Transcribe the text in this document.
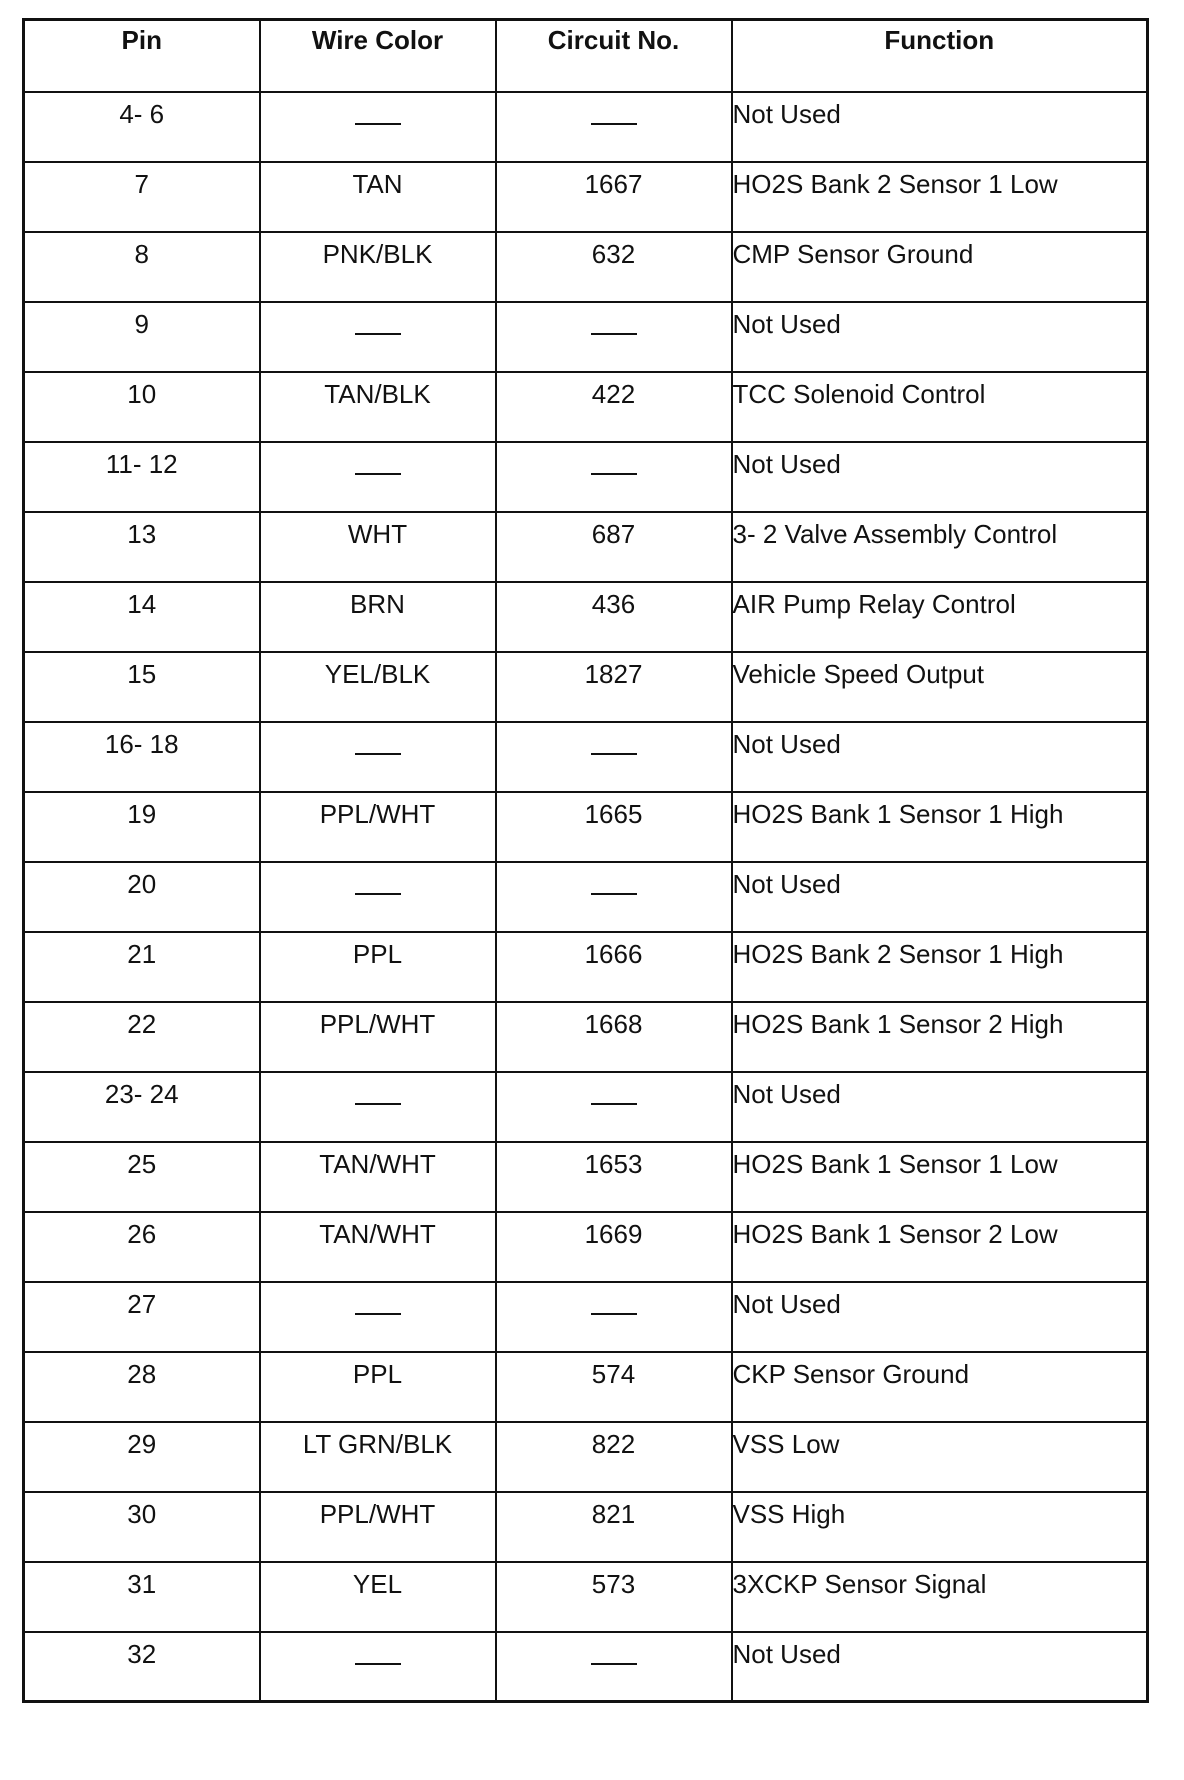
Pin	Wire Color	Circuit No.	Function
4- 6			Not Used
7	TAN	1667	HO2S Bank 2 Sensor 1 Low
8	PNK/BLK	632	CMP Sensor Ground
9			Not Used
10	TAN/BLK	422	TCC Solenoid Control
11- 12			Not Used
13	WHT	687	3- 2 Valve Assembly Control
14	BRN	436	AIR Pump Relay Control
15	YEL/BLK	1827	Vehicle Speed Output
16- 18			Not Used
19	PPL/WHT	1665	HO2S Bank 1 Sensor 1 High
20			Not Used
21	PPL	1666	HO2S Bank 2 Sensor 1 High
22	PPL/WHT	1668	HO2S Bank 1 Sensor 2 High
23- 24			Not Used
25	TAN/WHT	1653	HO2S Bank 1 Sensor 1 Low
26	TAN/WHT	1669	HO2S Bank 1 Sensor 2 Low
27			Not Used
28	PPL	574	CKP Sensor Ground
29	LT GRN/BLK	822	VSS Low
30	PPL/WHT	821	VSS High
31	YEL	573	3XCKP Sensor Signal
32			Not Used
